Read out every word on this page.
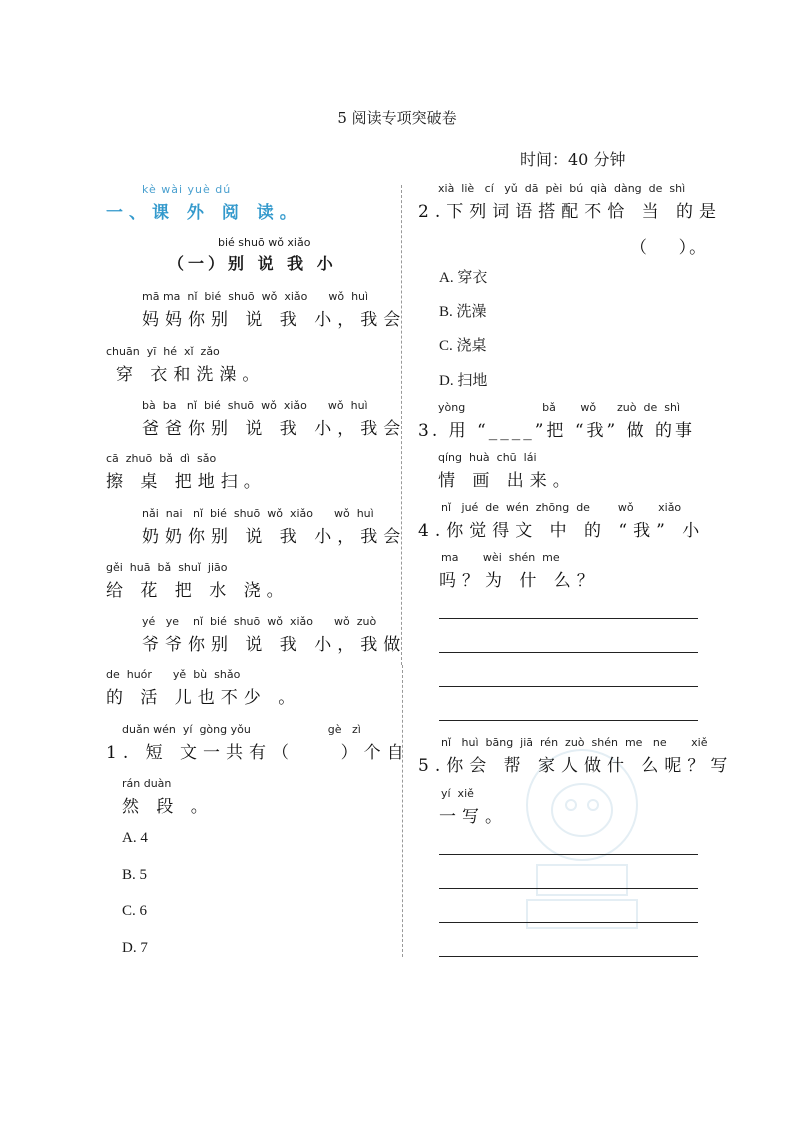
5 阅读专项突破卷
时间：40 分钟
kè wài yuè dú
一、课 外 阅 读。
bié shuō wǒ xiǎo
（一）别 说 我 小
mā ma  nǐ  bié  shuō  wǒ  xiǎo      wǒ  huì
妈妈你别 说 我 小，我会
chuān  yī  hé  xǐ  zǎo
穿 衣和洗澡。
bà  ba   nǐ  bié  shuō  wǒ  xiǎo      wǒ  huì
爸爸你别 说 我 小，我会
cā  zhuō  bǎ  dì  sǎo
擦 桌 把地扫。
nǎi  nai   nǐ  bié  shuō  wǒ  xiǎo      wǒ  huì
奶奶你别 说 我 小，我会
gěi  huā  bǎ  shuǐ  jiāo
给 花 把 水 浇。
yé   ye    nǐ  bié  shuō  wǒ  xiǎo      wǒ  zuò
爷爷你别 说 我 小，我做
de  huór      yě  bù  shǎo
的 活 儿也不少 。
duǎn wén  yí  gòng yǒu                      gè   zì
1. 短 文一共有（    ）个自
rán duàn
然 段 。
A. 4
B. 5
C. 6
D. 7
xià  liè   cí   yǔ  dā  pèi  bú  qià  dàng  de  shì
2.下列词语搭配不恰 当 的是
（    ）。
A. 穿衣
B. 洗澡
C. 浇桌
D. 扫地
yòng                      bǎ       wǒ      zuò  de  shì
3. 用 “____”把 “我” 做 的事
qíng  huà  chū  lái
情 画 出来。
nǐ   jué  de  wén  zhōng  de        wǒ       xiǎo
4.你觉得文 中 的 “我” 小
ma       wèi  shén  me
吗？为 什 么？
nǐ   huì  bāng  jiā  rén  zuò  shén  me   ne       xiě
5.你会 帮 家人做什 么呢？写
yí  xiě
一写。
